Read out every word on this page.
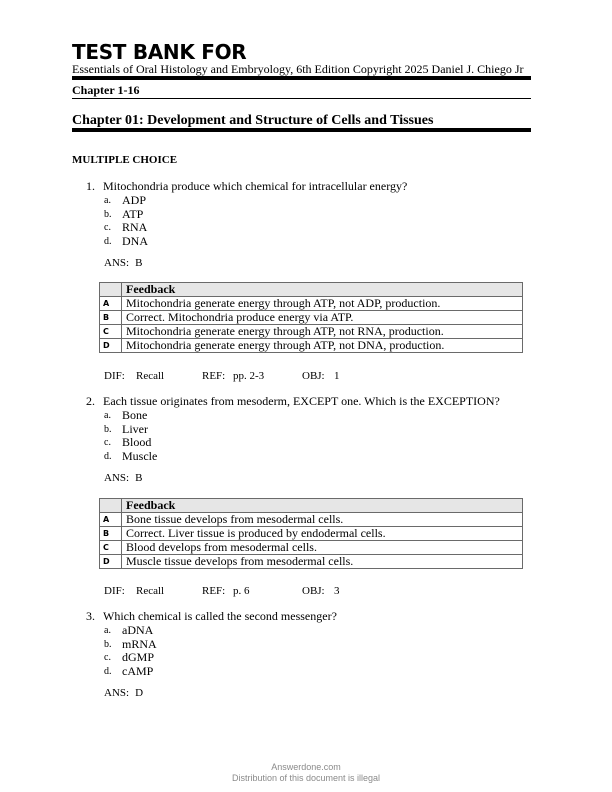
TEST BANK FOR
Essentials of Oral Histology and Embryology, 6th Edition Copyright 2025 Daniel J. Chiego Jr
Chapter 1-16
Chapter 01: Development and Structure of Cells and Tissues
MULTIPLE CHOICE
1. Mitochondria produce which chemical for intracellular energy?
a. ADP
b. ATP
c. RNA
d. DNA
ANS: B
	Feedback
A	Mitochondria generate energy through ATP, not ADP, production.
B	Correct. Mitochondria produce energy via ATP.
C	Mitochondria generate energy through ATP, not RNA, production.
D	Mitochondria generate energy through ATP, not DNA, production.
DIF:	Recall	REF: pp. 2-3	OBJ: 1
2. Each tissue originates from mesoderm, EXCEPT one. Which is the EXCEPTION?
a. Bone
b. Liver
c. Blood
d. Muscle
ANS: B
	Feedback
A	Bone tissue develops from mesodermal cells.
B	Correct. Liver tissue is produced by endodermal cells.
C	Blood develops from mesodermal cells.
D	Muscle tissue develops from mesodermal cells.
DIF:	Recall	REF: p. 6	OBJ: 3
3. Which chemical is called the second messenger?
a. aDNA
b. mRNA
c. dGMP
d. cAMP
ANS: D
Answerdone.com
Distribution of this document is illegal
